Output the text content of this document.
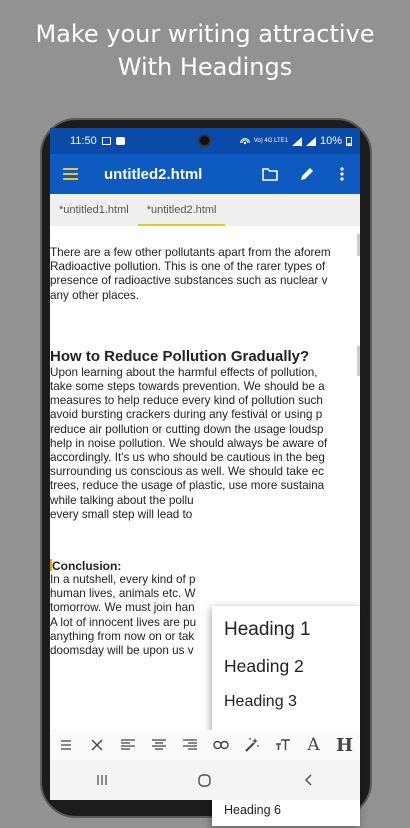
Make your writing attractive
With Headings
11:50	Vo) 4G LTE1	10%
untitled2.html
*untitled1.html	*untitled2.html

There are a few other pollutants apart from the aforem

Radioactive pollution. This is one of the rarer types of

presence of radioactive substances such as nuclear v

any other places.

How to Reduce Pollution Gradually?

Upon learning about the harmful effects of pollution,

take some steps towards prevention. We should be a

measures to help reduce every kind of pollution such

avoid bursting crackers during any festival or using p

reduce air pollution or cutting down the usage loudsp

help in noise pollution. We should always be aware of

accordingly. It's us who should be cautious in the beg

surrounding us conscious as well. We should take ec

trees, reduce the usage of plastic, use more sustaina

while talking about the pollu

every small step will lead to

Conclusion:

In a nutshell, every kind of p

human lives, animals etc. W

tomorrow. We must join han

A lot of innocent lives are pu

anything from now on or tak

doomsday will be upon us v

Heading 1
Heading 2
Heading 3
Heading 6
A H
